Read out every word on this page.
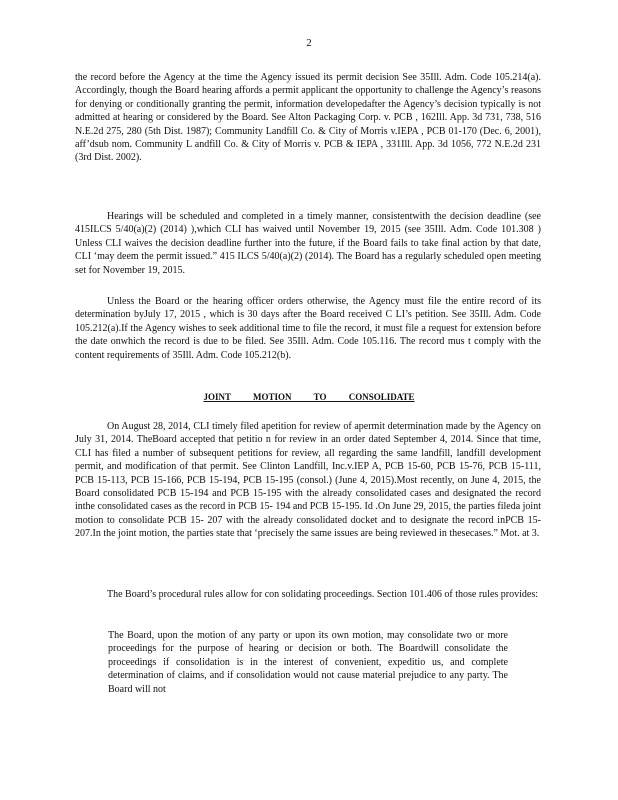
2

the record before the Agency at the time the Agency issued its permit decision See 35Ill. Adm. Code 105.214(a). Accordingly, though the Board hearing affords a permit applicant the opportunity to challenge the Agency’s reasons for denying or conditionally granting the permit, information developedafter the Agency’s decision typically is not admitted at hearing or considered by the Board. See Alton Packaging Corp. v. PCB , 162Ill. App. 3d 731, 738, 516 N.E.2d 275, 280 (5th Dist. 1987); Community Landfill Co. & City of Morris v.IEPA , PCB 01-170 (Dec. 6, 2001), aff’dsub nom. Community L andfill Co. & City of Morris v. PCB & IEPA , 331Ill. App. 3d 1056, 772 N.E.2d 231 (3rd Dist. 2002).

Hearings will be scheduled and completed in a timely manner, consistentwith the decision deadline (see 415ILCS 5/40(a)(2) (2014) ),which CLI has waived until November 19, 2015 (see 35Ill. Adm. Code 101.308 ) Unless CLI waives the decision deadline further into the future, if the Board fails to take final action by that date, CLI ‘may deem the permit issued.” 415 ILCS 5/40(a)(2) (2014). The Board has a regularly scheduled open meeting set for November 19, 2015.

Unless the Board or the hearing officer orders otherwise, the Agency must file the entire record of its determination byJuly 17, 2015 , which is 30 days after the Board received C LI’s petition. See 35Ill. Adm. Code 105.212(a).If the Agency wishes to seek additional time to file the record, it must file a request for extension before the date onwhich the record is due to be filed. See 35Ill. Adm. Code 105.116. The record mus t comply with the content requirements of 35Ill. Adm. Code 105.212(b).

JOINT MOTION TO CONSOLIDATE

On August 28, 2014, CLI timely filed apetition for review of apermit determination made by the Agency on July 31, 2014. TheBoard accepted that petitio n for review in an order dated September 4, 2014. Since that time, CLI has filed a number of subsequent petitions for review, all regarding the same landfill, landfill development permit, and modification of that permit. See Clinton Landfill, Inc.v.IEP A, PCB 15-60, PCB 15-76, PCB 15-111, PCB 15-113, PCB 15-166, PCB 15-194, PCB 15-195 (consol.) (June 4, 2015).Most recently, on June 4, 2015, the Board consolidated PCB 15-194 and PCB 15-195 with the already consolidated cases and designated the record inthe consolidated cases as the record in PCB 15- 194 and PCB 15-195. Id .On June 29, 2015, the parties fileda joint motion to consolidate PCB 15- 207 with the already consolidated docket and to designate the record inPCB 15-207.In the joint motion, the parties state that ‘precisely the same issues are being reviewed in thesecases.” Mot. at 3.

The Board’s procedural rules allow for con solidating proceedings. Section 101.406 of those rules provides:

The Board, upon the motion of any party or upon its own motion, may consolidate two or more proceedings for the purpose of hearing or decision or both. The Boardwill consolidate the proceedings if consolidation is in the interest of convenient, expeditio us, and complete determination of claims, and if consolidation would not cause material prejudice to any party. The Board will not
